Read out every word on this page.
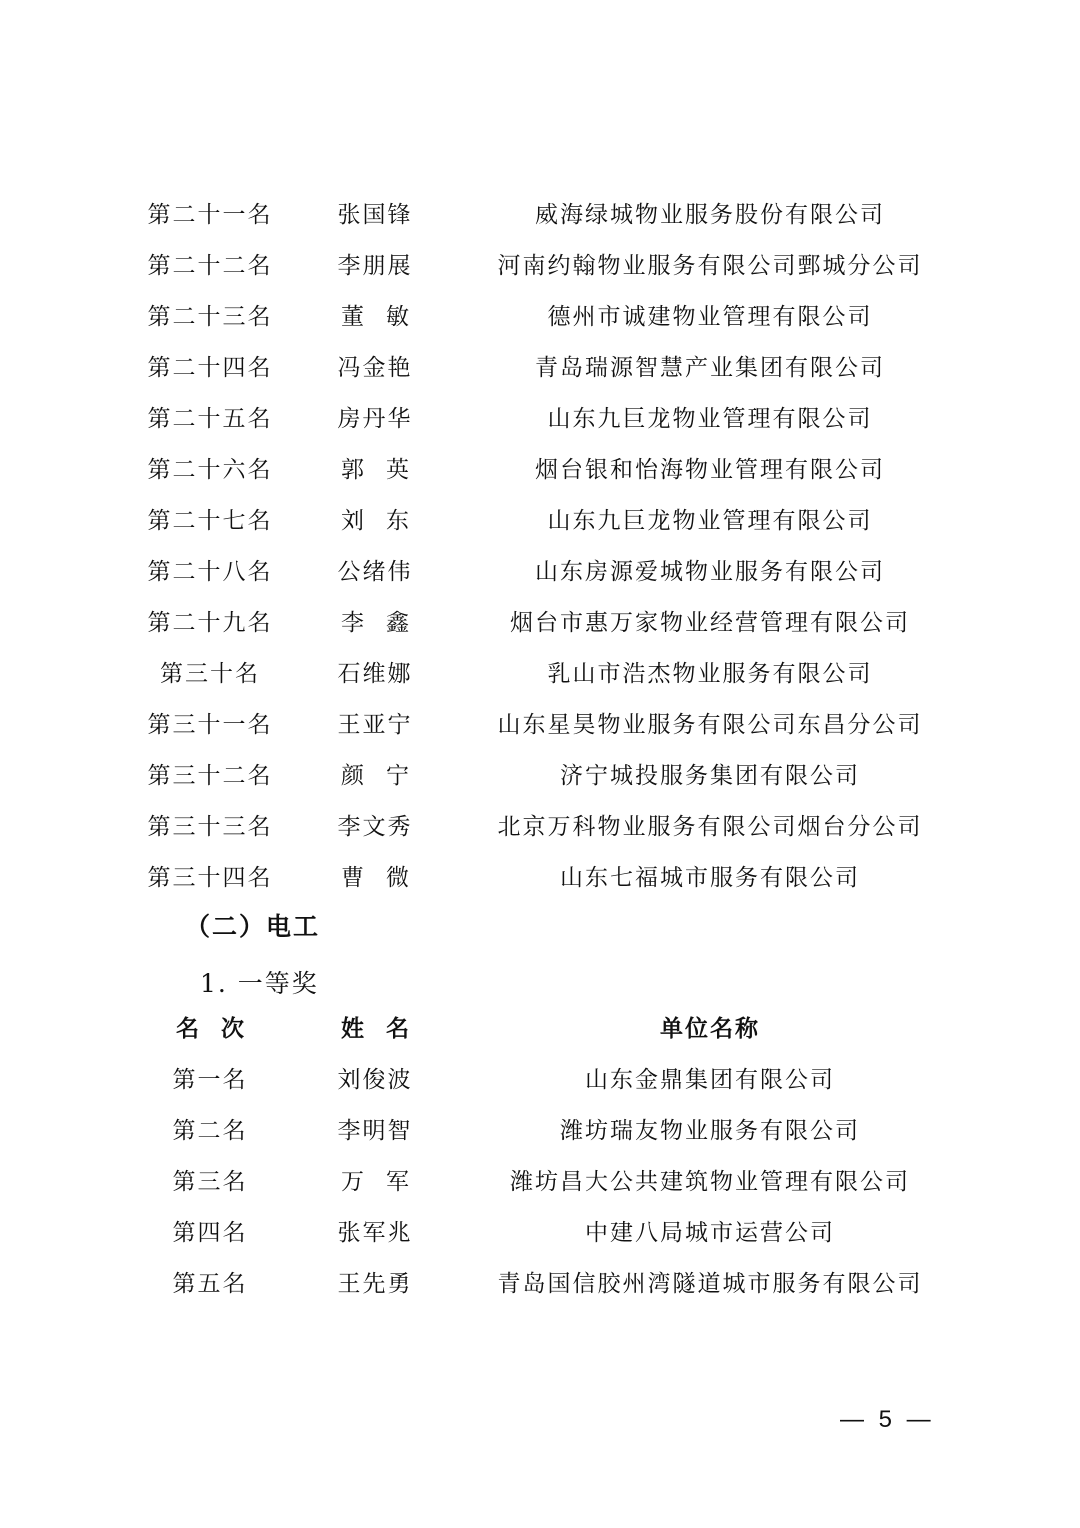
第二十一名	张国锋	威海绿城物业服务股份有限公司
第二十二名	李朋展	河南约翰物业服务有限公司鄄城分公司
第二十三名	董敏	德州市诚建物业管理有限公司
第二十四名	冯金艳	青岛瑞源智慧产业集团有限公司
第二十五名	房丹华	山东九巨龙物业管理有限公司
第二十六名	郭英	烟台银和怡海物业管理有限公司
第二十七名	刘东	山东九巨龙物业管理有限公司
第二十八名	公绪伟	山东房源爱城物业服务有限公司
第二十九名	李鑫	烟台市惠万家物业经营管理有限公司
第三十名	石维娜	乳山市浩杰物业服务有限公司
第三十一名	王亚宁	山东星昊物业服务有限公司东昌分公司
第三十二名	颜宁	济宁城投服务集团有限公司
第三十三名	李文秀	北京万科物业服务有限公司烟台分公司
第三十四名	曹微	山东七福城市服务有限公司
（二）电工
1. 一等奖
名次	姓名	单位名称
第一名	刘俊波	山东金鼎集团有限公司
第二名	李明智	潍坊瑞友物业服务有限公司
第三名	万军	潍坊昌大公共建筑物业管理有限公司
第四名	张军兆	中建八局城市运营公司
第五名	王先勇	青岛国信胶州湾隧道城市服务有限公司
— 5 —
